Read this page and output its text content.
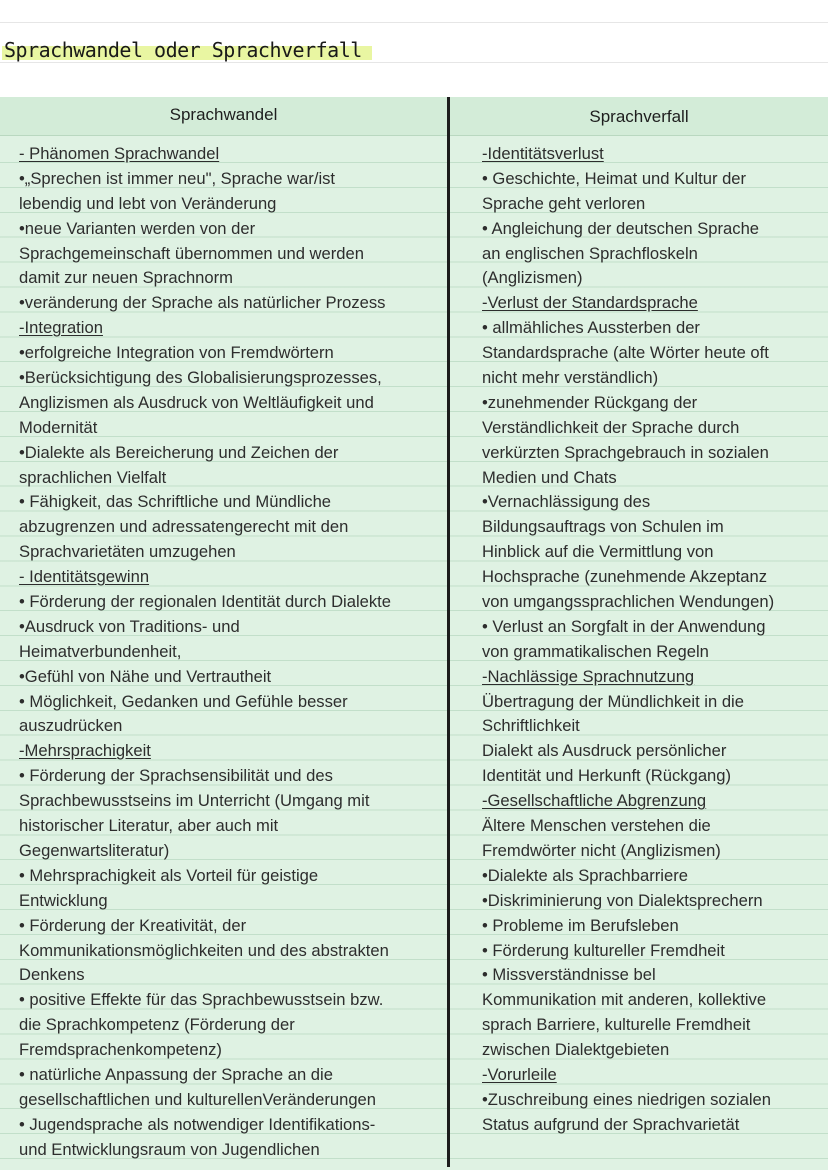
Sprachwandel oder Sprachverfall
Sprachwandel	Sprachverfall
- Phänomen Sprachwandel
•„Sprechen ist immer neu", Sprache war/ist
lebendig und lebt von Veränderung
•neue Varianten werden von der
Sprachgemeinschaft übernommen und werden
damit zur neuen Sprachnorm
•veränderung der Sprache als natürlicher Prozess
-Integration
•erfolgreiche Integration von Fremdwörtern
•Berücksichtigung des Globalisierungsprozesses,
Anglizismen als Ausdruck von Weltläufigkeit und
Modernität
•Dialekte als Bereicherung und Zeichen der
sprachlichen Vielfalt
• Fähigkeit, das Schriftliche und Mündliche
abzugrenzen und adressatengerecht mit den
Sprachvarietäten umzugehen
- Identitätsgewinn
• Förderung der regionalen Identität durch Dialekte
•Ausdruck von Traditions- und
Heimatverbundenheit,
•Gefühl von Nähe und Vertrautheit
• Möglichkeit, Gedanken und Gefühle besser
auszudrücken
-Mehrsprachigkeit
• Förderung der Sprachsensibilität und des
Sprachbewusstseins im Unterricht (Umgang mit
historischer Literatur, aber auch mit
Gegenwartsliteratur)
• Mehrsprachigkeit als Vorteil für geistige
Entwicklung
• Förderung der Kreativität, der
Kommunikationsmöglichkeiten und des abstrakten
Denkens
• positive Effekte für das Sprachbewusstsein bzw.
die Sprachkompetenz (Förderung der
Fremdsprachenkompetenz)
• natürliche Anpassung der Sprache an die
gesellschaftlichen und kulturellenVeränderungen
• Jugendsprache als notwendiger Identifikations-
und Entwicklungsraum von Jugendlichen
-Identitätsverlust
• Geschichte, Heimat und Kultur der
Sprache geht verloren
• Angleichung der deutschen Sprache
an englischen Sprachfloskeln
(Anglizismen)
-Verlust der Standardsprache
• allmähliches Aussterben der
Standardsprache (alte Wörter heute oft
nicht mehr verständlich)
•zunehmender Rückgang der
Verständlichkeit der Sprache durch
verkürzten Sprachgebrauch in sozialen
Medien und Chats
•Vernachlässigung des
Bildungsauftrags von Schulen im
Hinblick auf die Vermittlung von
Hochsprache (zunehmende Akzeptanz
von umgangssprachlichen Wendungen)
• Verlust an Sorgfalt in der Anwendung
von grammatikalischen Regeln
-Nachlässige Sprachnutzung
Übertragung der Mündlichkeit in die
Schriftlichkeit
Dialekt als Ausdruck persönlicher
Identität und Herkunft (Rückgang)
-Gesellschaftliche Abgrenzung
Ältere Menschen verstehen die
Fremdwörter nicht (Anglizismen)
•Dialekte als Sprachbarriere
•Diskriminierung von Dialektsprechern
• Probleme im Berufsleben
• Förderung kultureller Fremdheit
• Missverständnisse bel
Kommunikation mit anderen, kollektive
sprach Barriere, kulturelle Fremdheit
zwischen Dialektgebieten
-Vorurleile
•Zuschreibung eines niedrigen sozialen
Status aufgrund der Sprachvarietät
